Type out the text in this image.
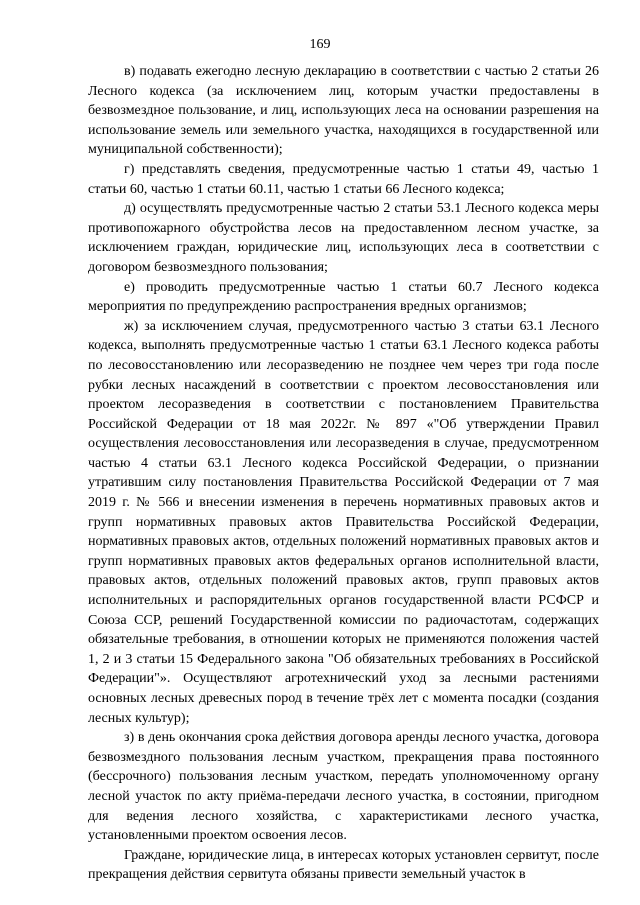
169

в) подавать ежегодно лесную декларацию в соответствии с частью 2 статьи 26 Лесного кодекса (за исключением лиц, которым участки предоставлены в безвозмездное пользование, и лиц, использующих леса на основании разрешения на использование земель или земельного участка, находящихся в государственной или муниципальной собственности);

г) представлять сведения, предусмотренные частью 1 статьи 49, частью 1 статьи 60, частью 1 статьи 60.11, частью 1 статьи 66 Лесного кодекса;

д) осуществлять предусмотренные частью 2 статьи 53.1 Лесного кодекса меры противопожарного обустройства лесов на предоставленном лесном участке, за исключением граждан, юридические лиц, использующих леса в соответствии с договором безвозмездного пользования;

е) проводить предусмотренные частью 1 статьи 60.7 Лесного кодекса мероприятия по предупреждению распространения вредных организмов;

ж) за исключением случая, предусмотренного частью 3 статьи 63.1 Лесного кодекса, выполнять предусмотренные частью 1 статьи 63.1 Лесного кодекса работы по лесовосстановлению или лесоразведению не позднее чем через три года после рубки лесных насаждений в соответствии с проектом лесовосстановления или проектом лесоразведения в соответствии с постановлением Правительства Российской Федерации от 18 мая 2022г. № 897 «"Об утверждении Правил осуществления лесовосстановления или лесоразведения в случае, предусмотренном частью 4 статьи 63.1 Лесного кодекса Российской Федерации, о признании утратившим силу постановления Правительства Российской Федерации от 7 мая 2019 г. № 566 и внесении изменения в перечень нормативных правовых актов и групп нормативных правовых актов Правительства Российской Федерации, нормативных правовых актов, отдельных положений нормативных правовых актов и групп нормативных правовых актов федеральных органов исполнительной власти, правовых актов, отдельных положений правовых актов, групп правовых актов исполнительных и распорядительных органов государственной власти РСФСР и Союза ССР, решений Государственной комиссии по радиочастотам, содержащих обязательные требования, в отношении которых не применяются положения частей 1, 2 и 3 статьи 15 Федерального закона "Об обязательных требованиях в Российской Федерации"». Осуществляют агротехнический уход за лесными растениями основных лесных древесных пород в течение трёх лет с момента посадки (создания лесных культур);

з) в день окончания срока действия договора аренды лесного участка, договора безвозмездного пользования лесным участком, прекращения права постоянного (бессрочного) пользования лесным участком, передать уполномоченному органу лесной участок по акту приёма-передачи лесного участка, в состоянии, пригодном для ведения лесного хозяйства, с характеристиками лесного участка, установленными проектом освоения лесов.

Граждане, юридические лица, в интересах которых установлен сервитут, после прекращения действия сервитута обязаны привести земельный участок в
